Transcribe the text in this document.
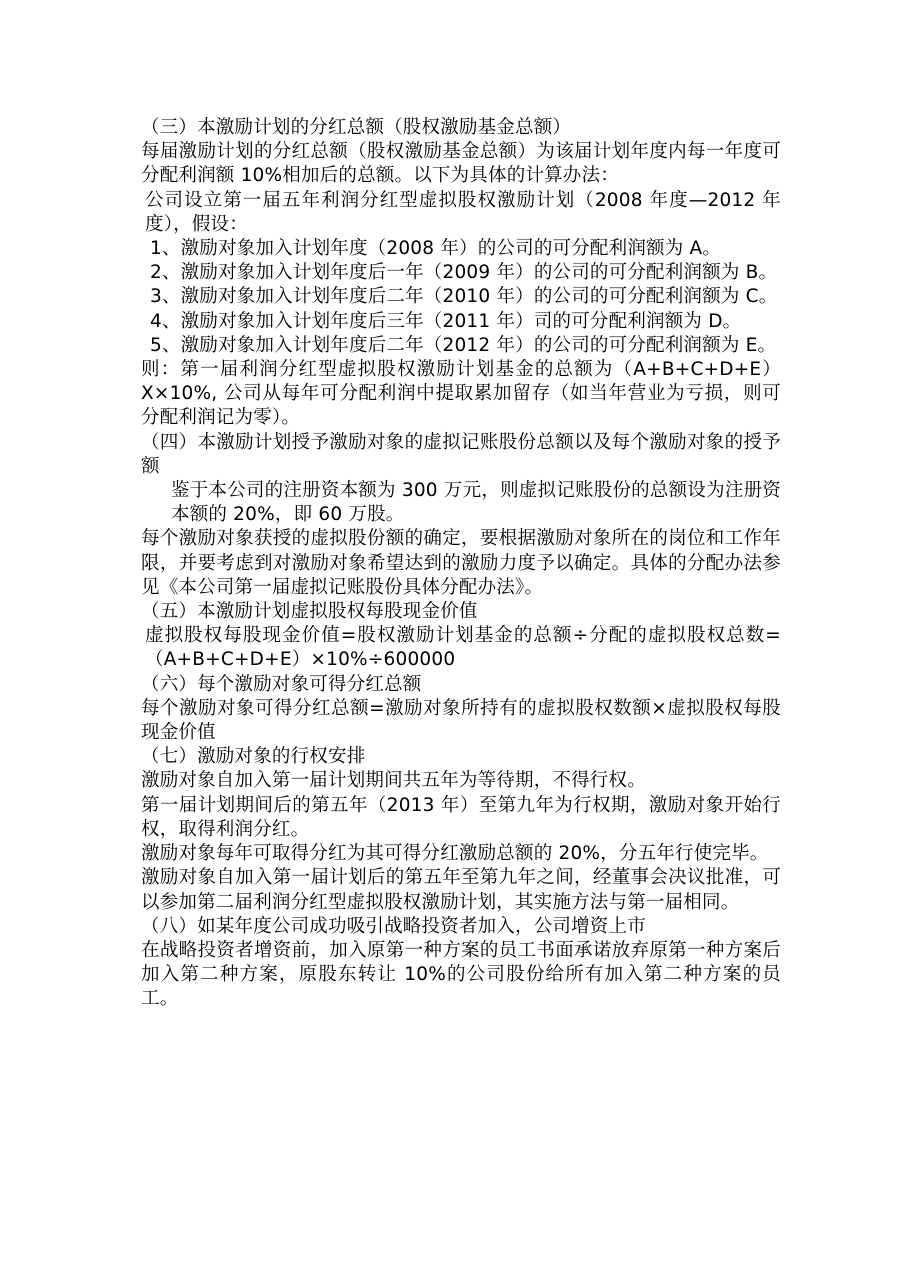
（三）本激励计划的分红总额（股权激励基金总额）

每届激励计划的分红总额（股权激励基金总额）为该届计划年度内每一年度可分配利润额 10%相加后的总额。以下为具体的计算办法：

公司设立第一届五年利润分红型虚拟股权激励计划（2008 年度—2012 年度），假设：

1、激励对象加入计划年度（2008 年）的公司的可分配利润额为 A。

2、激励对象加入计划年度后一年（2009 年）的公司的可分配利润额为 B。

3、激励对象加入计划年度后二年（2010 年）的公司的可分配利润额为 C。

4、激励对象加入计划年度后三年（2011 年）司的可分配利润额为 D。

5、激励对象加入计划年度后二年（2012 年）的公司的可分配利润额为 E。

则：第一届利润分红型虚拟股权激励计划基金的总额为（A+B+C+D+E）X×10%, 公司从每年可分配利润中提取累加留存（如当年营业为亏损，则可分配利润记为零）。

（四）本激励计划授予激励对象的虚拟记账股份总额以及每个激励对象的授予额

鉴于本公司的注册资本额为 300 万元，则虚拟记账股份的总额设为注册资本额的 20%，即 60 万股。

每个激励对象获授的虚拟股份额的确定，要根据激励对象所在的岗位和工作年限，并要考虑到对激励对象希望达到的激励力度予以确定。具体的分配办法参见《本公司第一届虚拟记账股份具体分配办法》。

（五）本激励计划虚拟股权每股现金价值

虚拟股权每股现金价值=股权激励计划基金的总额÷分配的虚拟股权总数=（A+B+C+D+E）×10%÷600000

（六）每个激励对象可得分红总额

每个激励对象可得分红总额=激励对象所持有的虚拟股权数额×虚拟股权每股现金价值

（七）激励对象的行权安排

激励对象自加入第一届计划期间共五年为等待期，不得行权。

第一届计划期间后的第五年（2013 年）至第九年为行权期，激励对象开始行权，取得利润分红。

激励对象每年可取得分红为其可得分红激励总额的 20%，分五年行使完毕。

激励对象自加入第一届计划后的第五年至第九年之间，经董事会决议批准，可以参加第二届利润分红型虚拟股权激励计划，其实施方法与第一届相同。

（八）如某年度公司成功吸引战略投资者加入，公司增资上市

在战略投资者增资前，加入原第一种方案的员工书面承诺放弃原第一种方案后加入第二种方案，原股东转让 10%的公司股份给所有加入第二种方案的员工。
